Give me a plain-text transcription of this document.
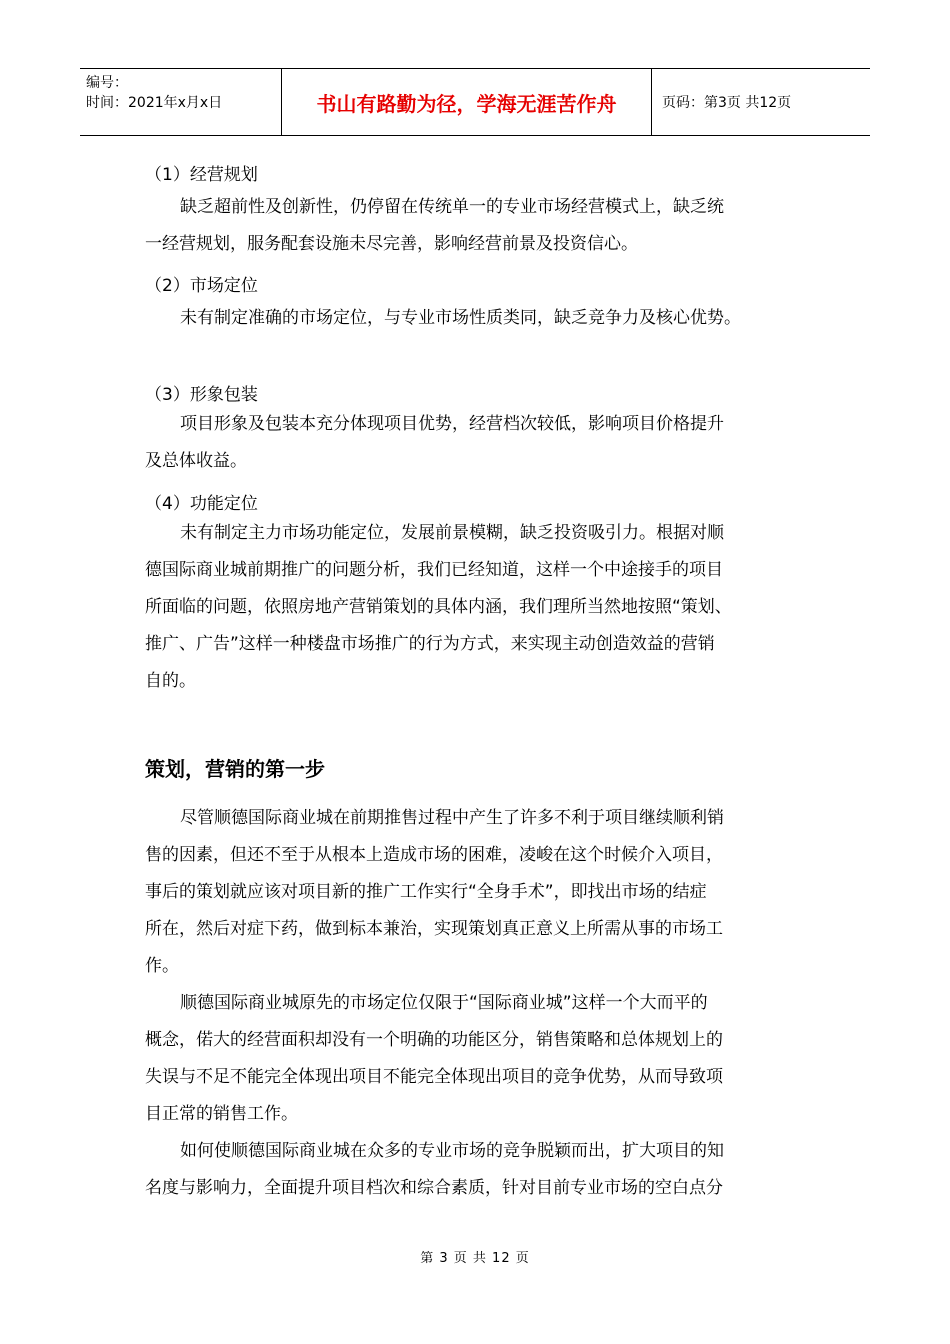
编号：
时间：2021年x月x日	书山有路勤为径，学海无涯苦作舟	页码：第3页 共12页
（1）经营规划
缺乏超前性及创新性，仍停留在传统单一的专业市场经营模式上，缺乏统
一经营规划，服务配套设施未尽完善，影响经营前景及投资信心。
（2）市场定位
未有制定准确的市场定位，与专业市场性质类同，缺乏竞争力及核心优势。
（3）形象包装
项目形象及包装本充分体现项目优势，经营档次较低，影响项目价格提升
及总体收益。
（4）功能定位
未有制定主力市场功能定位，发展前景模糊，缺乏投资吸引力。根据对顺
德国际商业城前期推广的问题分析，我们已经知道，这样一个中途接手的项目
所面临的问题，依照房地产营销策划的具体内涵，我们理所当然地按照“策划、
推广、广告”这样一种楼盘市场推广的行为方式，来实现主动创造效益的营销
自的。
策划，营销的第一步
尽管顺德国际商业城在前期推售过程中产生了许多不利于项目继续顺利销
售的因素，但还不至于从根本上造成市场的困难，凌峻在这个时候介入项目，
事后的策划就应该对项目新的推广工作实行“全身手术”，即找出市场的结症
所在，然后对症下药，做到标本兼治，实现策划真正意义上所需从事的市场工
作。
顺德国际商业城原先的市场定位仅限于“国际商业城”这样一个大而平的
概念，偌大的经营面积却没有一个明确的功能区分，销售策略和总体规划上的
失误与不足不能完全体现出项目不能完全体现出项目的竞争优势，从而导致项
目正常的销售工作。
如何使顺德国际商业城在众多的专业市场的竞争脱颖而出，扩大项目的知
名度与影响力，全面提升项目档次和综合素质，针对目前专业市场的空白点分
第 3 页 共 12 页
